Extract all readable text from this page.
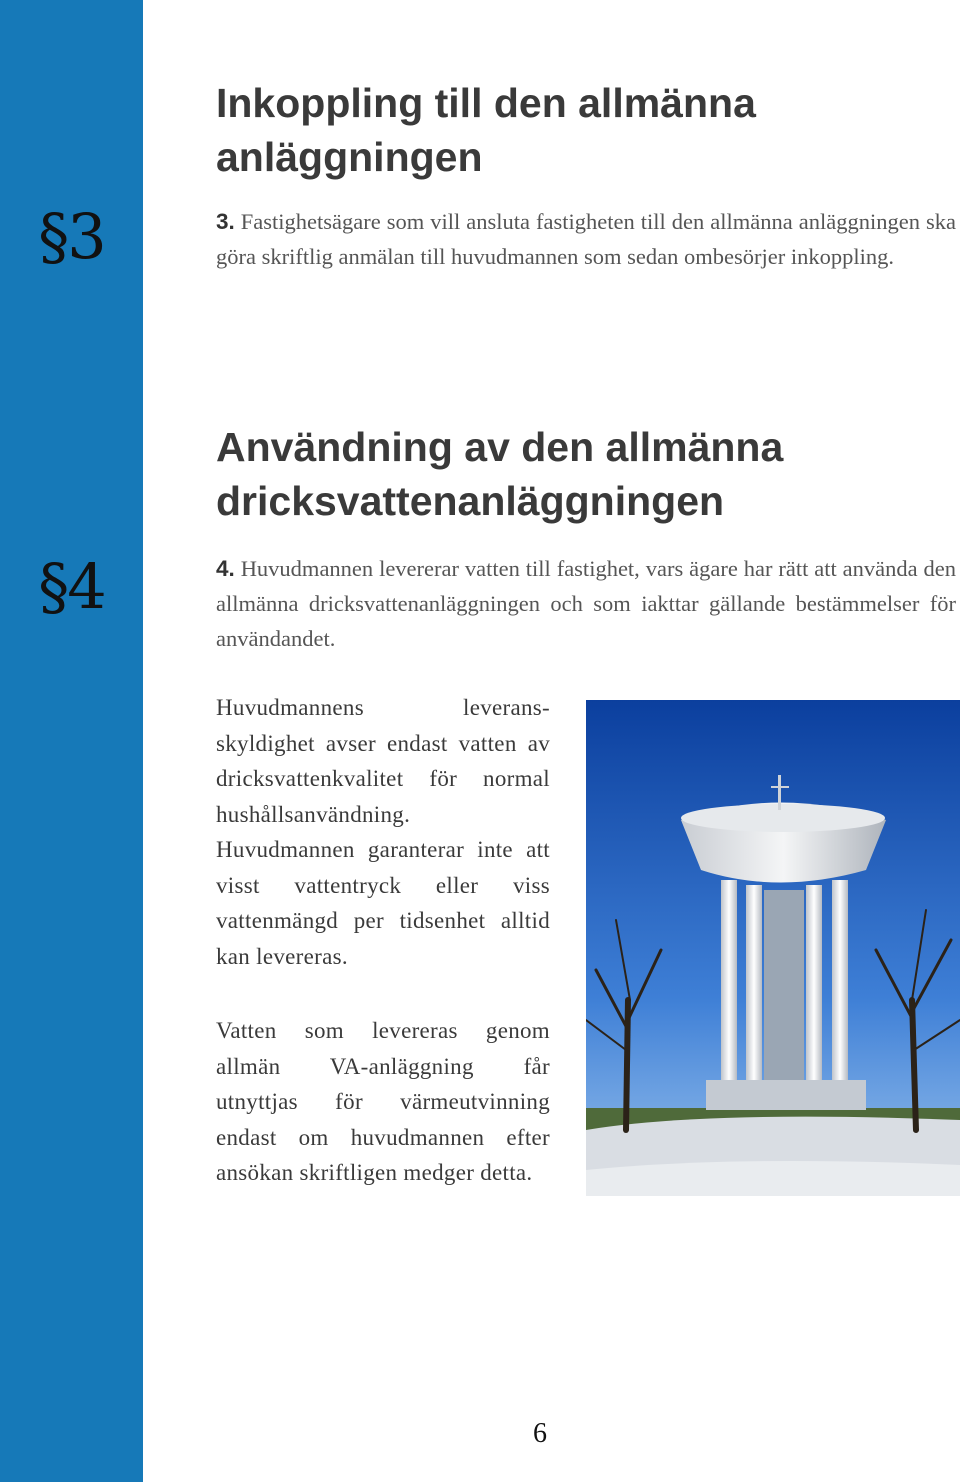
§3
§4
Inkoppling till den allmänna anläggningen

3. Fastighetsägare som vill ansluta fastigheten till den allmänna anläggningen ska göra skriftlig anmälan till huvudmannen som sedan ombesörjer inkoppling.

Användning av den allmänna dricksvattenanläggningen

4. Huvudmannen levererar vatten till fastighet, vars ägare har rätt att använda den allmänna dricksvattenanläggningen och som iakttar gällande bestämmelser för användandet.

Huvudmannens leverans-skyldighet avser endast vatten av dricksvattenkvalitet för normal hushållsanvändning. Huvudmannen garanterar inte att visst vattentryck eller viss vattenmängd per tidsenhet alltid kan levereras.

Vatten som levereras genom allmän VA-anläggning får utnyttjas för värmeutvinning endast om huvudmannen efter ansökan skriftligen medger detta.

6
